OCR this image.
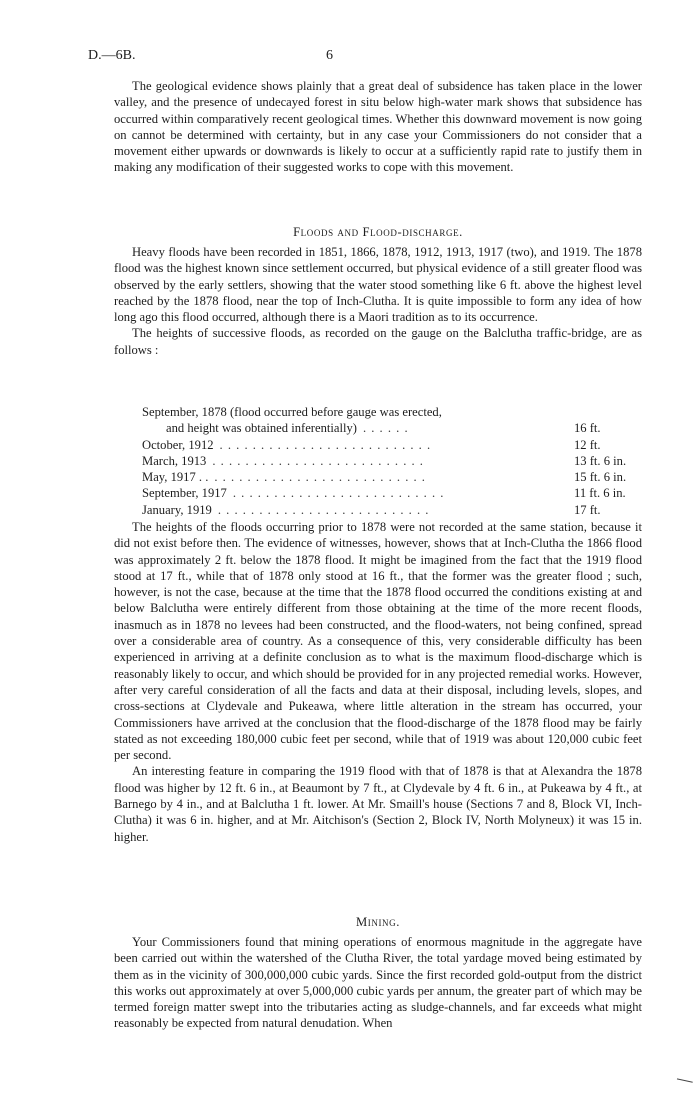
D.—6B.	6

The geological evidence shows plainly that a great deal of subsidence has taken place in the lower valley, and the presence of undecayed forest in situ below high-water mark shows that subsidence has occurred within comparatively recent geological times. Whether this downward movement is now going on cannot be determined with certainty, but in any case your Commissioners do not consider that a movement either upwards or downwards is likely to occur at a sufficiently rapid rate to justify them in making any modification of their suggested works to cope with this movement.

Floods and Flood-discharge.

Heavy floods have been recorded in 1851, 1866, 1878, 1912, 1913, 1917 (two), and 1919. The 1878 flood was the highest known since settlement occurred, but physical evidence of a still greater flood was observed by the early settlers, showing that the water stood something like 6 ft. above the highest level reached by the 1878 flood, near the top of Inch-Clutha. It is quite impossible to form any idea of how long ago this flood occurred, although there is a Maori tradition as to its occurrence.

The heights of successive floods, as recorded on the gauge on the Balclutha traffic-bridge, are as follows :

September, 1878 (flood occurred before gauge was erected,
and height was obtained inferentially) . . . . . .	16 ft.
October, 1912 . . . . . . . . . . . . . . . . . . . . . . . . . .	12 ft.
March, 1913 . . . . . . . . . . . . . . . . . . . . . . . . . .	13 ft. 6 in.
May, 1917 . . . . . . . . . . . . . . . . . . . . . . . . . . . .	15 ft. 6 in.
September, 1917 . . . . . . . . . . . . . . . . . . . . . . . . . .	11 ft. 6 in.
January, 1919 . . . . . . . . . . . . . . . . . . . . . . . . . .	17 ft.

The heights of the floods occurring prior to 1878 were not recorded at the same station, because it did not exist before then. The evidence of witnesses, however, shows that at Inch-Clutha the 1866 flood was approximately 2 ft. below the 1878 flood. It might be imagined from the fact that the 1919 flood stood at 17 ft., while that of 1878 only stood at 16 ft., that the former was the greater flood ; such, however, is not the case, because at the time that the 1878 flood occurred the conditions existing at and below Balclutha were entirely different from those obtaining at the time of the more recent floods, inasmuch as in 1878 no levees had been constructed, and the flood-waters, not being confined, spread over a considerable area of country. As a consequence of this, very considerable difficulty has been experienced in arriving at a definite conclusion as to what is the maximum flood-discharge which is reasonably likely to occur, and which should be provided for in any projected remedial works. However, after very careful consideration of all the facts and data at their disposal, including levels, slopes, and cross-sections at Clydevale and Pukeawa, where little alteration in the stream has occurred, your Commissioners have arrived at the conclusion that the flood-discharge of the 1878 flood may be fairly stated as not exceeding 180,000 cubic feet per second, while that of 1919 was about 120,000 cubic feet per second.

An interesting feature in comparing the 1919 flood with that of 1878 is that at Alexandra the 1878 flood was higher by 12 ft. 6 in., at Beaumont by 7 ft., at Clydevale by 4 ft. 6 in., at Pukeawa by 4 ft., at Barnego by 4 in., and at Balclutha 1 ft. lower. At Mr. Smaill's house (Sections 7 and 8, Block VI, Inch-Clutha) it was 6 in. higher, and at Mr. Aitchison's (Section 2, Block IV, North Molyneux) it was 15 in. higher.

Mining.

Your Commissioners found that mining operations of enormous magnitude in the aggregate have been carried out within the watershed of the Clutha River, the total yardage moved being estimated by them as in the vicinity of 300,000,000 cubic yards. Since the first recorded gold-output from the district this works out approximately at over 5,000,000 cubic yards per annum, the greater part of which may be termed foreign matter swept into the tributaries acting as sludge-channels, and far exceeds what might reasonably be expected from natural denudation. When
